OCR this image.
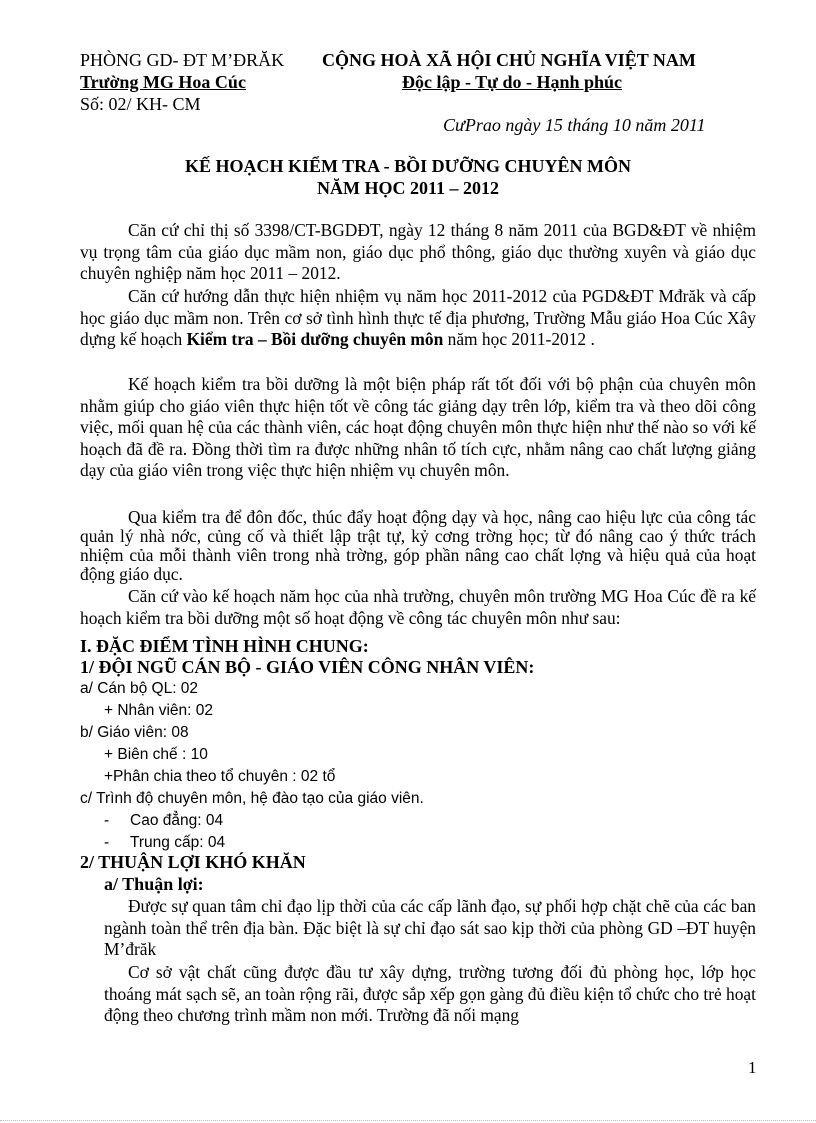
PHÒNG GD- ĐT M’ĐRĂK
Trường MG Hoa Cúc
Số: 02/ KH- CM
CỘNG HOÀ XÃ HỘI CHỦ NGHĨA VIỆT NAM
Độc lập - Tự do - Hạnh phúc
CưPrao ngày 15 tháng 10 năm 2011
KẾ HOẠCH KIỂM TRA - BỒI DƯỠNG CHUYÊN MÔN
NĂM HỌC 2011 – 2012

Căn cứ chỉ thị số 3398/CT-BGDĐT, ngày 12 tháng 8 năm 2011 của BGD&ĐT về nhiệm vụ trọng tâm của giáo dục mầm non, giáo dục phổ thông, giáo dục thường xuyên và giáo dục chuyên nghiệp năm học 2011 – 2012.

Căn cứ hướng dẫn thực hiện nhiệm vụ năm học 2011-2012 của PGD&ĐT Mđrăk và cấp học giáo dục mầm non. Trên cơ sở tình hình thực tế địa phương, Trường Mẫu giáo Hoa Cúc Xây dựng kế hoạch Kiểm tra – Bồi dưỡng chuyên môn năm học 2011-2012 .

Kế hoạch kiểm tra bồi dưỡng là một biện pháp rất tốt đối với bộ phận của chuyên môn nhằm giúp cho giáo viên thực hiện tốt về công tác giảng dạy trên lớp, kiểm tra và theo dõi công việc, mối quan hệ của các thành viên, các hoạt động chuyên môn thực hiện như thế nào so với kế hoạch đã đề ra. Đồng thời tìm ra được những nhân tố tích cực, nhằm nâng cao chất lượng giảng dạy của giáo viên trong việc thực hiện nhiệm vụ chuyên môn.

Qua kiểm tra để đôn đốc, thúc đẩy hoạt động dạy và học, nâng cao hiệu lực của công tác quản lý nhà nớc, củng cố và thiết lập trật tự, kỷ cơng trờng học; từ đó nâng cao ý thức trách nhiệm của mỗi thành viên trong nhà trờng, góp phần nâng cao chất lợng và hiệu quả của hoạt động giáo dục.

Căn cứ vào kế hoạch năm học của nhà trường, chuyên môn trường MG Hoa Cúc đề ra kế hoạch kiểm tra bồi dưỡng một số hoạt động về công tác chuyên môn như sau:

I. ĐẶC ĐIỂM TÌNH HÌNH CHUNG:
1/ ĐỘI NGŨ CÁN BỘ - GIÁO VIÊN CÔNG NHÂN VIÊN:
a/ Cán bộ QL: 02
+ Nhân viên: 02
b/ Giáo viên: 08
+ Biên chế : 10
+Phân chia theo tổ chuyên : 02 tổ
c/ Trình độ chuyên môn, hệ đào tạo của giáo viên.
- Cao đẳng: 04
- Trung cấp: 04
2/ THUẬN LỢI KHÓ KHĂN
a/ Thuận lợi:

Được sự quan tâm chỉ đạo lịp thời của các cấp lãnh đạo, sự phối hợp chặt chẽ của các ban ngành toàn thể trên địa bàn. Đặc biệt là sự chỉ đạo sát sao kịp thời của phòng GD –ĐT huyện M’đrăk

Cơ sở vật chất cũng được đầu tư xây dựng, trường tương đối đủ phòng học, lớp học thoáng mát sạch sẽ, an toàn rộng rãi, được sắp xếp gọn gàng đủ điều kiện tổ chức cho trẻ hoạt động theo chương trình mầm non mới. Trường đã nối mạng

1
